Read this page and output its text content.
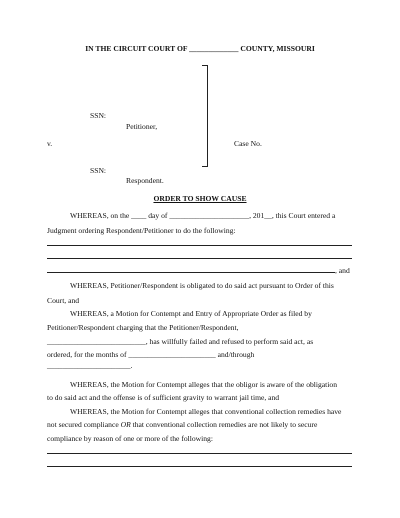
IN THE CIRCUIT COURT OF _____________ COUNTY, MISSOURI
SSN:
Petitioner,
v.	Case No.
SSN:
Respondent.
ORDER TO SHOW CAUSE
WHEREAS, on the ____ day of _____________________, 201__, this Court entered a
Judgment ordering Respondent/Petitioner to do the following:
, and
WHEREAS, Petitioner/Respondent is obligated to do said act pursuant to Order of this
Court, and
WHEREAS, a Motion for Contempt and Entry of Appropriate Order as filed by
Petitioner/Respondent charging that the Petitioner/Respondent,
__________________________, has willfully failed and refused to perform said act, as
ordered, for the months of _______________________ and/through
______________________.
WHEREAS, the Motion for Contempt alleges that the obligor is aware of the obligation
to do said act and the offense is of sufficient gravity to warrant jail time, and
WHEREAS, the Motion for Contempt alleges that conventional collection remedies have
not secured compliance OR that conventional collection remedies are not likely to secure
compliance by reason of one or more of the following:
